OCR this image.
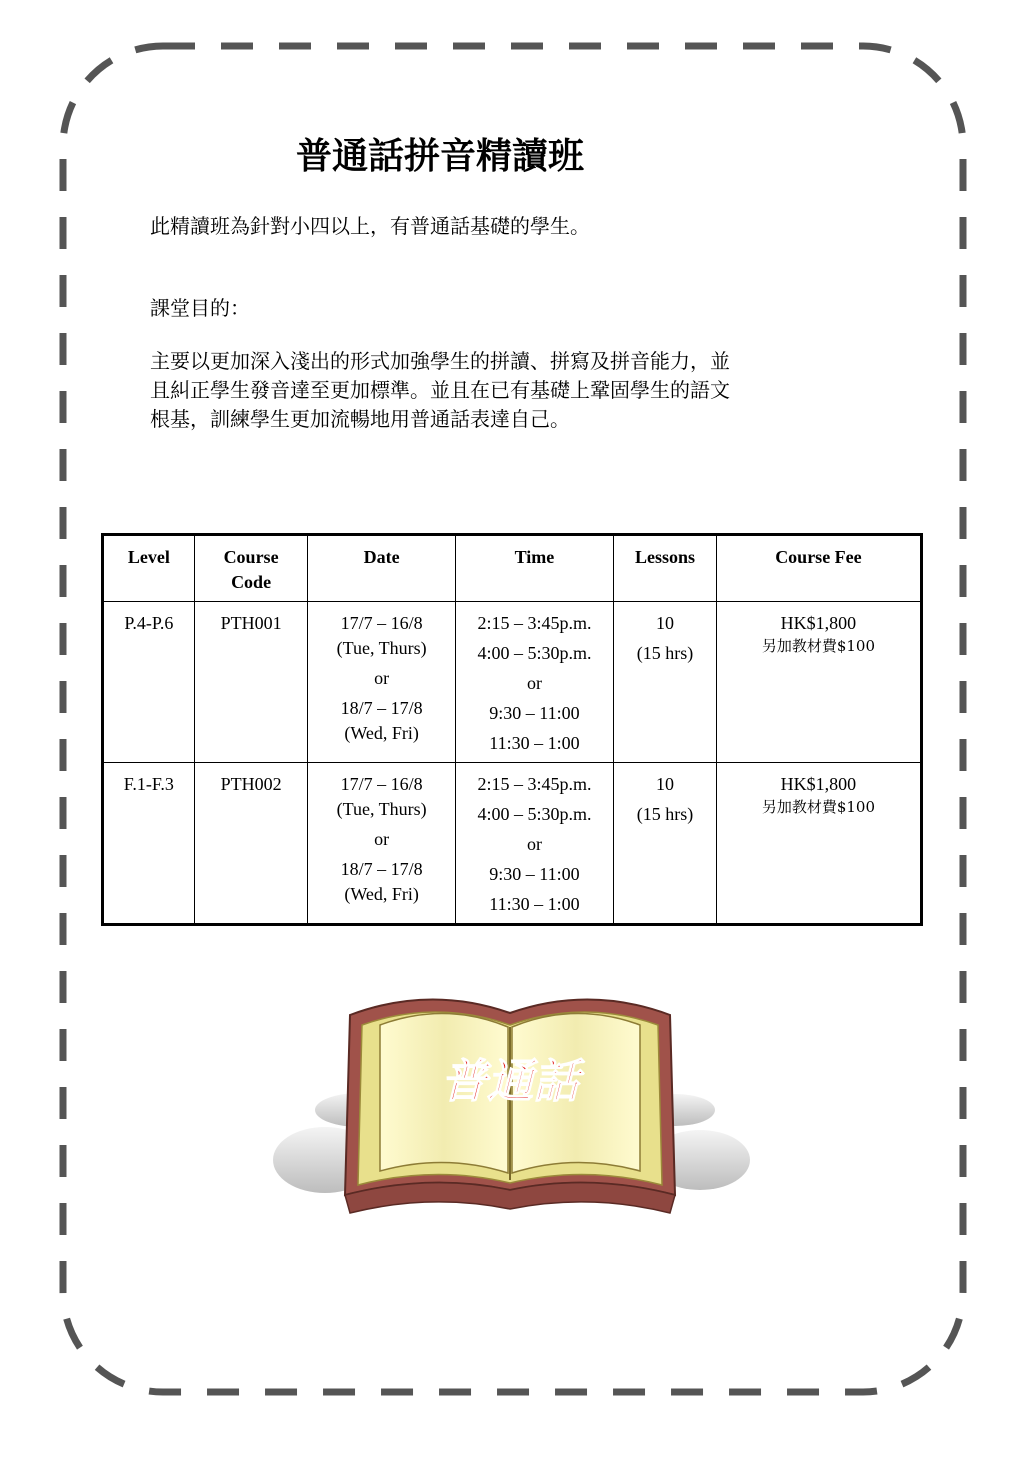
普通話拼音精讀班

此精讀班為針對小四以上，有普通話基礎的學生。

課堂目的：

主要以更加深入淺出的形式加強學生的拼讀、拼寫及拼音能力，並且糾正學生發音達至更加標準。並且在已有基礎上鞏固學生的語文根基，訓練學生更加流暢地用普通話表達自己。

Level	Course Code	Date	Time	Lessons	Course Fee
P.4-P.6	PTH001	17/7 – 16/8
(Tue, Thurs)
or
18/7 – 17/8
(Wed, Fri)	2:15 – 3:45p.m.
4:00 – 5:30p.m.
or
9:30 – 11:00
11:30 – 1:00	10
(15 hrs)	HK$1,800
另加教材費$100

F.1-F.3	PTH002	17/7 – 16/8
(Tue, Thurs)
or
18/7 – 17/8
(Wed, Fri)	2:15 – 3:45p.m.
4:00 – 5:30p.m.
or
9:30 – 11:00
11:30 – 1:00	10
(15 hrs)	HK$1,800
另加教材費$100
普通話
